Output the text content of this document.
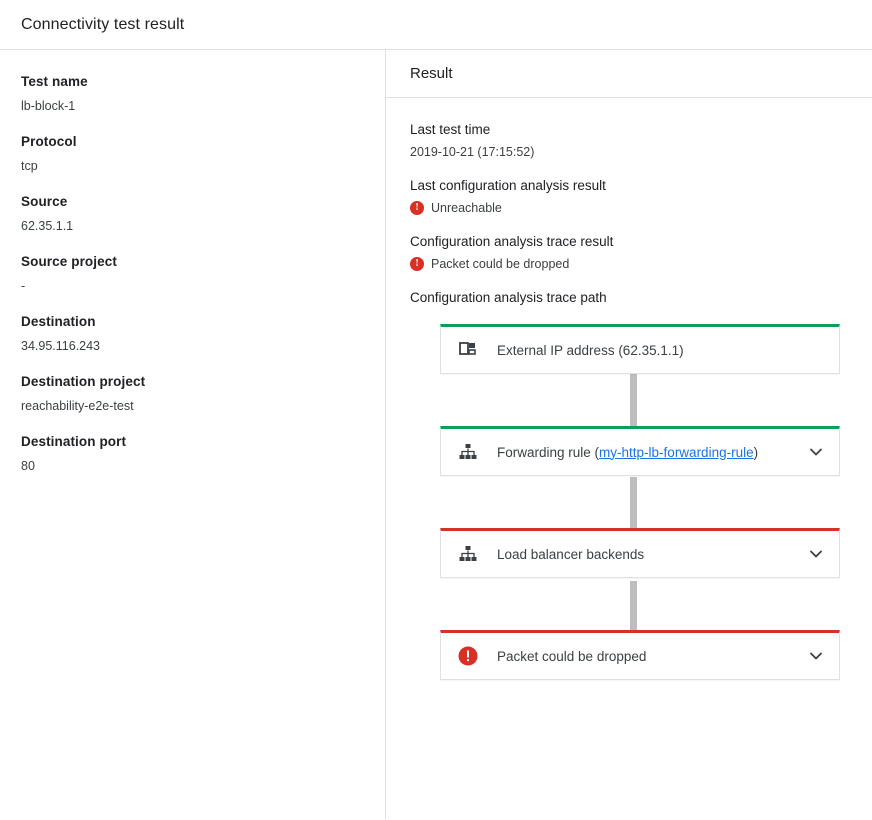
Connectivity test result
Test name
lb-block-1
Protocol
tcp
Source
62.35.1.1
Source project
-
Destination
34.95.116.243
Destination project
reachability-e2e-test
Destination port
80
Result
Last test time
2019-10-21 (17:15:52)
Last configuration analysis result
! Unreachable
Configuration analysis trace result
! Packet could be dropped
Configuration analysis trace path
External IP address (62.35.1.1)
Forwarding rule (my-http-lb-forwarding-rule)
Load balancer backends
Packet could be dropped
